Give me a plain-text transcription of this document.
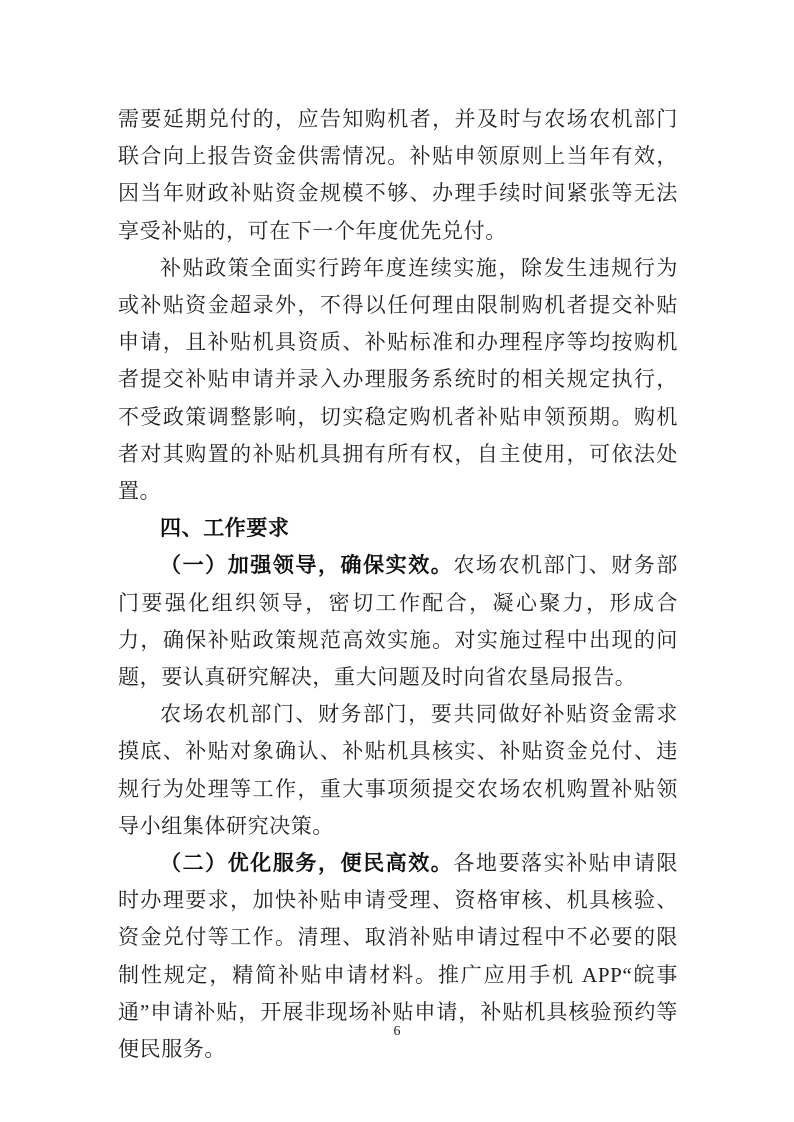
需要延期兑付的，应告知购机者，并及时与农场农机部门联合向上报告资金供需情况。补贴申领原则上当年有效，因当年财政补贴资金规模不够、办理手续时间紧张等无法享受补贴的，可在下一个年度优先兑付。

补贴政策全面实行跨年度连续实施，除发生违规行为或补贴资金超录外，不得以任何理由限制购机者提交补贴申请，且补贴机具资质、补贴标准和办理程序等均按购机者提交补贴申请并录入办理服务系统时的相关规定执行，不受政策调整影响，切实稳定购机者补贴申领预期。购机者对其购置的补贴机具拥有所有权，自主使用，可依法处置。

四、工作要求

（一）加强领导，确保实效。农场农机部门、财务部门要强化组织领导，密切工作配合，凝心聚力，形成合力，确保补贴政策规范高效实施。对实施过程中出现的问题，要认真研究解决，重大问题及时向省农垦局报告。

农场农机部门、财务部门，要共同做好补贴资金需求摸底、补贴对象确认、补贴机具核实、补贴资金兑付、违规行为处理等工作，重大事项须提交农场农机购置补贴领导小组集体研究决策。

（二）优化服务，便民高效。各地要落实补贴申请限时办理要求，加快补贴申请受理、资格审核、机具核验、资金兑付等工作。清理、取消补贴申请过程中不必要的限制性规定，精简补贴申请材料。推广应用手机 APP“皖事通”申请补贴，开展非现场补贴申请，补贴机具核验预约等便民服务。

6
